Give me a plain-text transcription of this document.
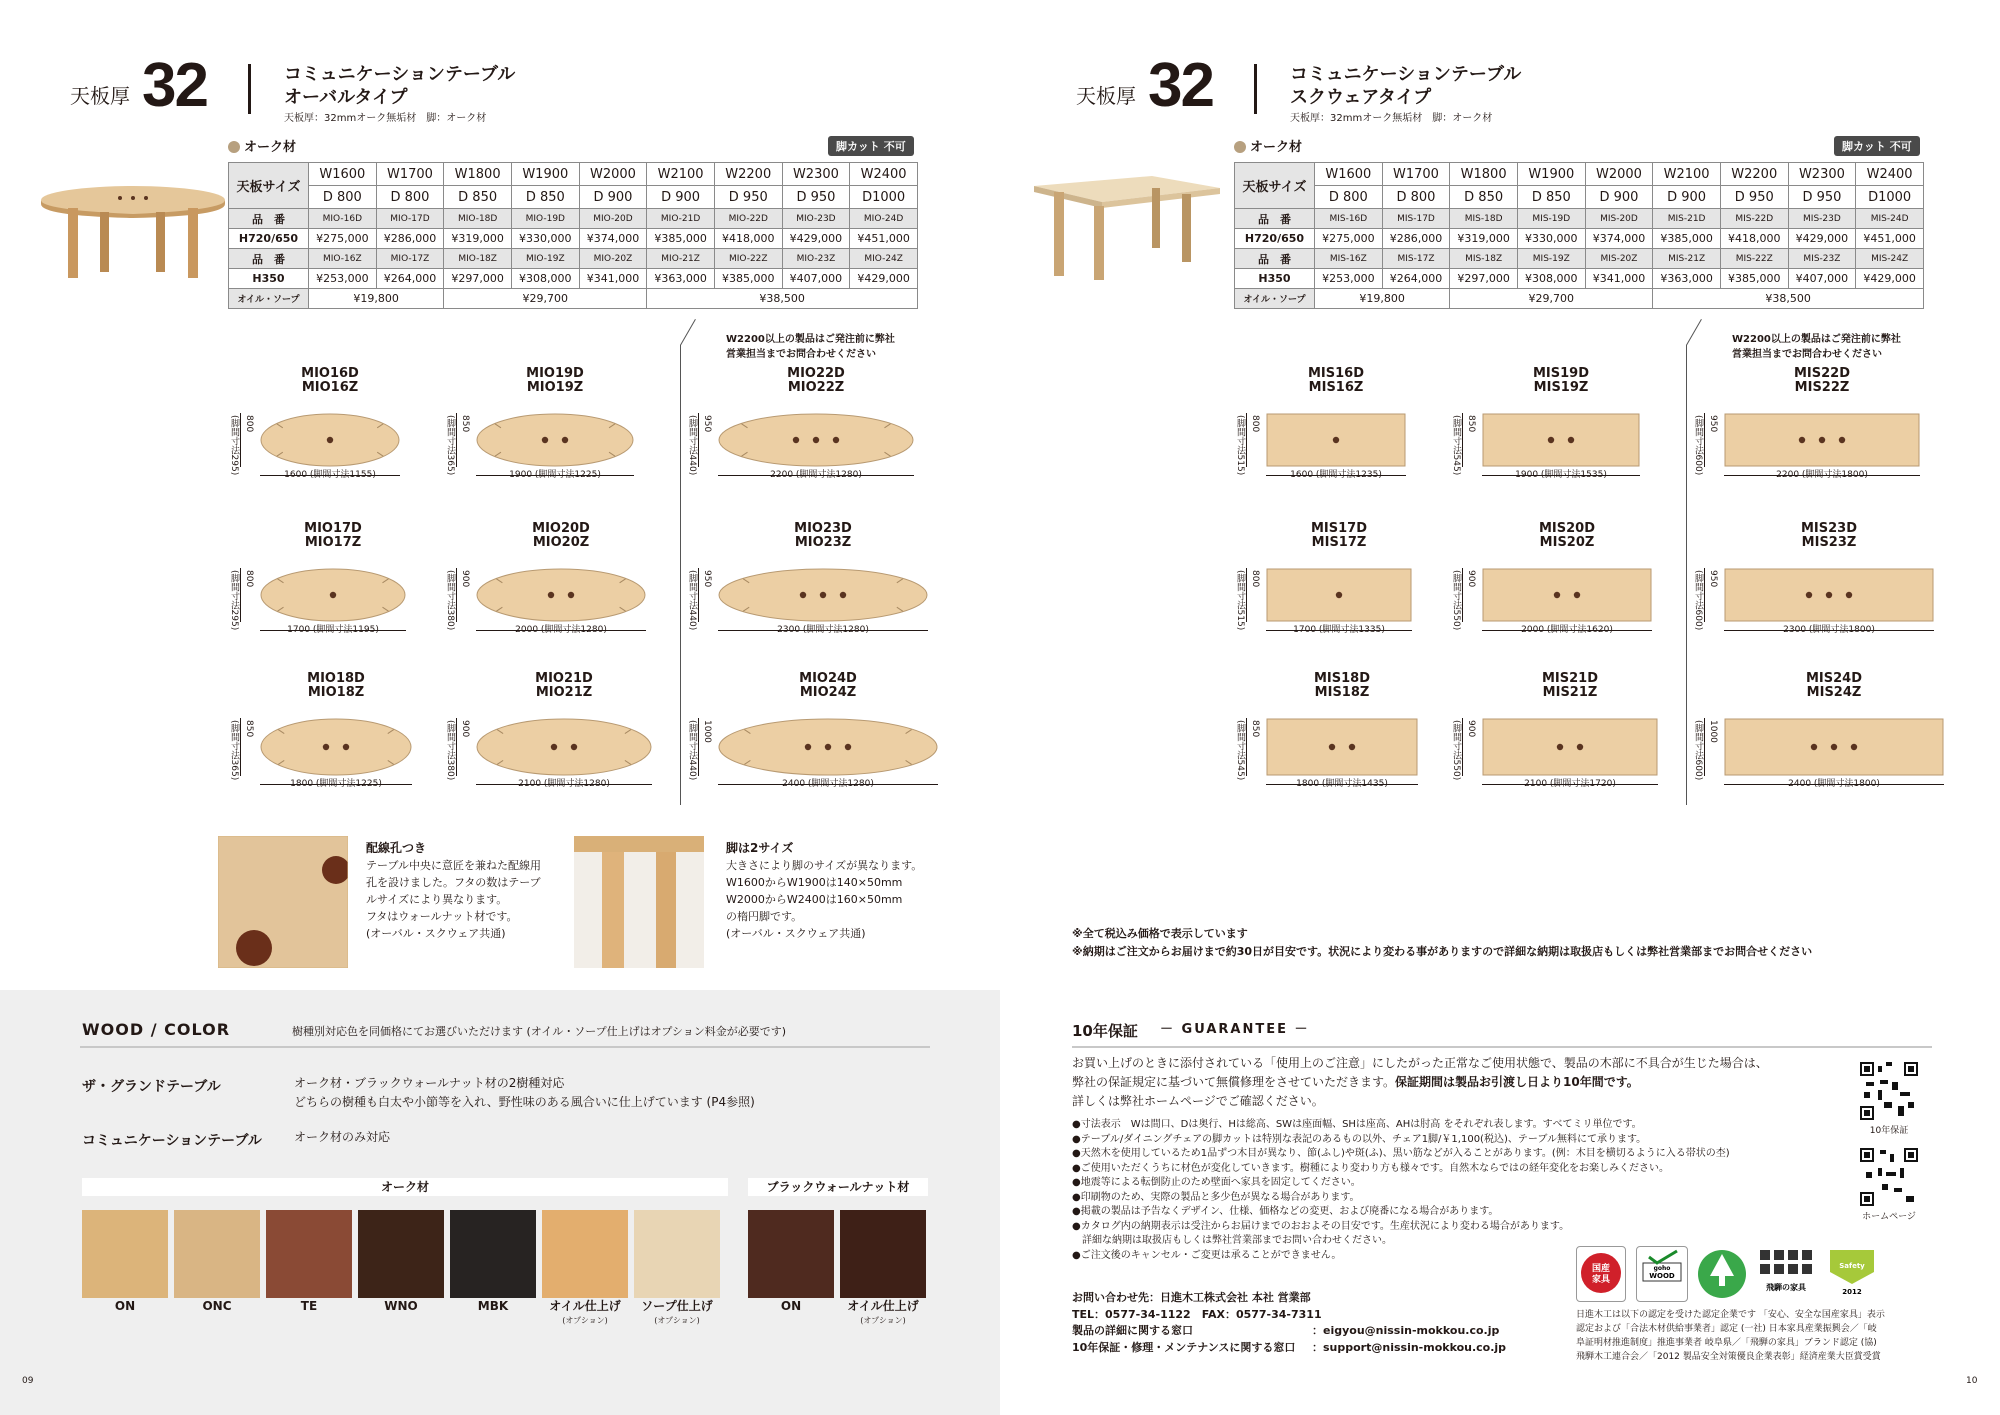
天板厚 32	コミュニケーションテーブル
オーバルタイプ
天板厚：32mmオーク無垢材　脚：オーク材
オーク材	脚カット 不可
天板サイズ	W1600	W1700	W1800	W1900	W2000	W2100	W2200	W2300	W2400
	D 800	D 800	D 850	D 850	D 900	D 900	D 950	D 950	D1000
品　番	MIO-16D	MIO-17D	MIO-18D	MIO-19D	MIO-20D	MIO-21D	MIO-22D	MIO-23D	MIO-24D
H720/650	¥275,000	¥286,000	¥319,000	¥330,000	¥374,000	¥385,000	¥418,000	¥429,000	¥451,000
品　番	MIO-16Z	MIO-17Z	MIO-18Z	MIO-19Z	MIO-20Z	MIO-21Z	MIO-22Z	MIO-23Z	MIO-24Z
H350	¥253,000	¥264,000	¥297,000	¥308,000	¥341,000	¥363,000	¥385,000	¥407,000	¥429,000
オイル・ソープ	¥19,800		¥29,700			¥38,500			
W2200以上の製品はご発注前に弊社
営業担当までお問合わせください
MIO16D
MIO16Z
800
(脚間寸法295)	1600 (脚間寸法1155)
MIO19D
MIO19Z
850
(脚間寸法365)	1900 (脚間寸法1225)
MIO22D
MIO22Z
950
(脚間寸法440)	2200 (脚間寸法1280)
MIO17D
MIO17Z
800
(脚間寸法295)	1700 (脚間寸法1195)
MIO20D
MIO20Z
900
(脚間寸法380)	2000 (脚間寸法1280)
MIO23D
MIO23Z
950
(脚間寸法440)	2300 (脚間寸法1280)
MIO18D
MIO18Z
850
(脚間寸法365)
1800 (脚間寸法1225)
MIO21D
MIO21Z
900
(脚間寸法380)
2100 (脚間寸法1280)
MIO24D
MIO24Z
1000
(脚間寸法440)
2400 (脚間寸法1280)
配線孔つき
テーブル中央に意匠を兼ねた配線用
孔を設けました。フタの数はテーブ
ルサイズにより異なります。
フタはウォールナット材です。
(オーバル・スクウェア共通)
脚は2サイズ
大きさにより脚のサイズが異なります。
W1600からW1900は140×50mm
W2000からW2400は160×50mm
の楕円脚です。
(オーバル・スクウェア共通)
天板厚 32	コミュニケーションテーブル
スクウェアタイプ
天板厚：32mmオーク無垢材　脚：オーク材
オーク材	脚カット 不可
天板サイズ	W1600	W1700	W1800	W1900	W2000	W2100	W2200	W2300	W2400
	D 800	D 800	D 850	D 850	D 900	D 900	D 950	D 950	D1000
品　番	MIS-16D	MIS-17D	MIS-18D	MIS-19D	MIS-20D	MIS-21D	MIS-22D	MIS-23D	MIS-24D
H720/650	¥275,000	¥286,000	¥319,000	¥330,000	¥374,000	¥385,000	¥418,000	¥429,000	¥451,000
品　番	MIS-16Z	MIS-17Z	MIS-18Z	MIS-19Z	MIS-20Z	MIS-21Z	MIS-22Z	MIS-23Z	MIS-24Z
H350	¥253,000	¥264,000	¥297,000	¥308,000	¥341,000	¥363,000	¥385,000	¥407,000	¥429,000
オイル・ソープ	¥19,800		¥29,700			¥38,500			
W2200以上の製品はご発注前に弊社
営業担当までお問合わせください
MIS16D
MIS16Z
800
(脚間寸法515)	1600 (脚間寸法1235)
MIS19D
MIS19Z
850
(脚間寸法545)	1900 (脚間寸法1535)
MIS22D
MIS22Z
950
(脚間寸法600)	2200 (脚間寸法1800)
MIS17D
MIS17Z
800
(脚間寸法515)	1700 (脚間寸法1335)
MIS20D
MIS20Z
900
(脚間寸法550)	2000 (脚間寸法1620)
MIS23D
MIS23Z
950
(脚間寸法600)	2300 (脚間寸法1800)
MIS18D
MIS18Z
850
(脚間寸法545)
1800 (脚間寸法1435)
MIS21D
MIS21Z
900
(脚間寸法550)
2100 (脚間寸法1720)
MIS24D
MIS24Z
1000
(脚間寸法600)
2400 (脚間寸法1800)
※全て税込み価格で表示しています
※納期はご注文からお届けまで約30日が目安です。状況により変わる事がありますので詳細な納期は取扱店もしくは弊社営業部までお問合せください
WOOD / COLOR	樹種別対応色を同価格にてお選びいただけます (オイル・ソープ仕上げはオプション料金が必要です)
ザ・グランドテーブル	オーク材・ブラックウォールナット材の2樹種対応
どちらの樹種も白太や小節等を入れ、野性味のある風合いに仕上げています (P4参照)
コミュニケーションテーブル	オーク材のみ対応
オーク材	ブラックウォールナット材
ON	ONC	TE	WNO	MBK	オイル仕上げ
(オプション)
ソープ仕上げ
(オプション)
ON	オイル仕上げ
(オプション)
10年保証 － GUARANTEE －
お買い上げのときに添付されている「使用上のご注意」にしたがった正常なご使用状態で、製品の木部に不具合が生じた場合は、
弊社の保証規定に基づいて無償修理をさせていただきます。保証期間は製品お引渡し日より10年間です。
詳しくは弊社ホームページでご確認ください。
●寸法表示　Wは間口、Dは奥行、Hは総高、SWは座面幅、SHは座高、AHは肘高 をそれぞれ表します。すべてミリ単位です。
●テーブル/ダイニングチェアの脚カットは特別な表記のあるもの以外、チェア1脚/￥1,100(税込)、テーブル無料にて承ります。
●天然木を使用しているため1品ずつ木目が異なり、節(ふし)や斑(ふ)、黒い筋などが入ることがあります。(例：木目を横切るように入る帯状の杢)
●ご使用いただくうちに材色が変化していきます。樹種により変わり方も様々です。自然木ならではの経年変化をお楽しみください。
●地震等による転倒防止のため壁面へ家具を固定してください。
●印刷物のため、実際の製品と多少色が異なる場合があります。
●掲載の製品は予告なくデザイン、仕様、価格などの変更、および廃番になる場合があります。
●カタログ内の納期表示は受注からお届けまでのおおよその目安です。生産状況により変わる場合があります。
　詳細な納期は取扱店もしくは弊社営業部までお問い合わせください。
●ご注文後のキャンセル・ご変更は承ることができません。
お問い合わせ先：日進木工株式会社 本社 営業部
TEL：0577-34-1122　FAX：0577-34-7311
製品の詳細に関する窓口	：eigyou@nissin-mokkou.co.jp
10年保証・修理・メンテナンスに関する窓口 ：support@nissin-mokkou.co.jp
10年保証
ホームページ
国産
家具
goho
WOOD
飛騨の家具
Safety
2012
日進木工は以下の認定を受けた認定企業です 「安心、安全な国産家具」表示
認定および「合法木材供給事業者」認定 (一社) 日本家具産業振興会／「岐
阜証明材推進制度」推進事業者 岐阜県／「飛騨の家具」ブランド認定 (協)
飛騨木工連合会／「2012 製品安全対策優良企業表彰」経済産業大臣賞受賞
09	10
